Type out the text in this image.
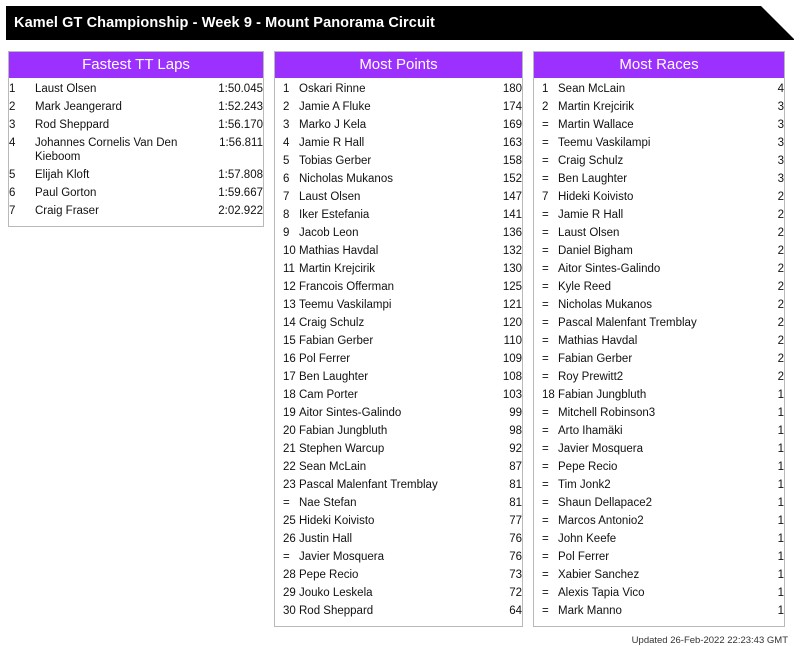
Kamel GT Championship - Week 9 - Mount Panorama Circuit
Fastest TT Laps
1	Laust Olsen	1:50.045
2	Mark Jeangerard	1:52.243
3	Rod Sheppard	1:56.170
4	Johannes Cornelis Van Den Kieboom	1:56.811
5	Elijah Kloft	1:57.808
6	Paul Gorton	1:59.667
7	Craig Fraser	2:02.922
Most Points
1	Oskari Rinne	180
2	Jamie A Fluke	174
3	Marko J Kela	169
4	Jamie R Hall	163
5	Tobias Gerber	158
6	Nicholas Mukanos	152
7	Laust Olsen	147
8	Iker Estefania	141
9	Jacob Leon	136
10	Mathias Havdal	132
11	Martin Krejcirik	130
12	Francois Offerman	125
13	Teemu Vaskilampi	121
14	Craig Schulz	120
15	Fabian Gerber	110
16	Pol Ferrer	109
17	Ben Laughter	108
18	Cam Porter	103
19	Aitor Sintes-Galindo	99
20	Fabian Jungbluth	98
21	Stephen Warcup	92
22	Sean McLain	87
23	Pascal Malenfant Tremblay	81
=	Nae Stefan	81
25	Hideki Koivisto	77
26	Justin Hall	76
=	Javier Mosquera	76
28	Pepe Recio	73
29	Jouko Leskela	72
30	Rod Sheppard	64
Most Races
1	Sean McLain	4
2	Martin Krejcirik	3
=	Martin Wallace	3
=	Teemu Vaskilampi	3
=	Craig Schulz	3
=	Ben Laughter	3
7	Hideki Koivisto	2
=	Jamie R Hall	2
=	Laust Olsen	2
=	Daniel Bigham	2
=	Aitor Sintes-Galindo	2
=	Kyle Reed	2
=	Nicholas Mukanos	2
=	Pascal Malenfant Tremblay	2
=	Mathias Havdal	2
=	Fabian Gerber	2
=	Roy Prewitt2	2
18	Fabian Jungbluth	1
=	Mitchell Robinson3	1
=	Arto Ihamäki	1
=	Javier Mosquera	1
=	Pepe Recio	1
=	Tim Jonk2	1
=	Shaun Dellapace2	1
=	Marcos Antonio2	1
=	John Keefe	1
=	Pol Ferrer	1
=	Xabier Sanchez	1
=	Alexis Tapia Vico	1
=	Mark Manno	1
Updated 26-Feb-2022 22:23:43 GMT
